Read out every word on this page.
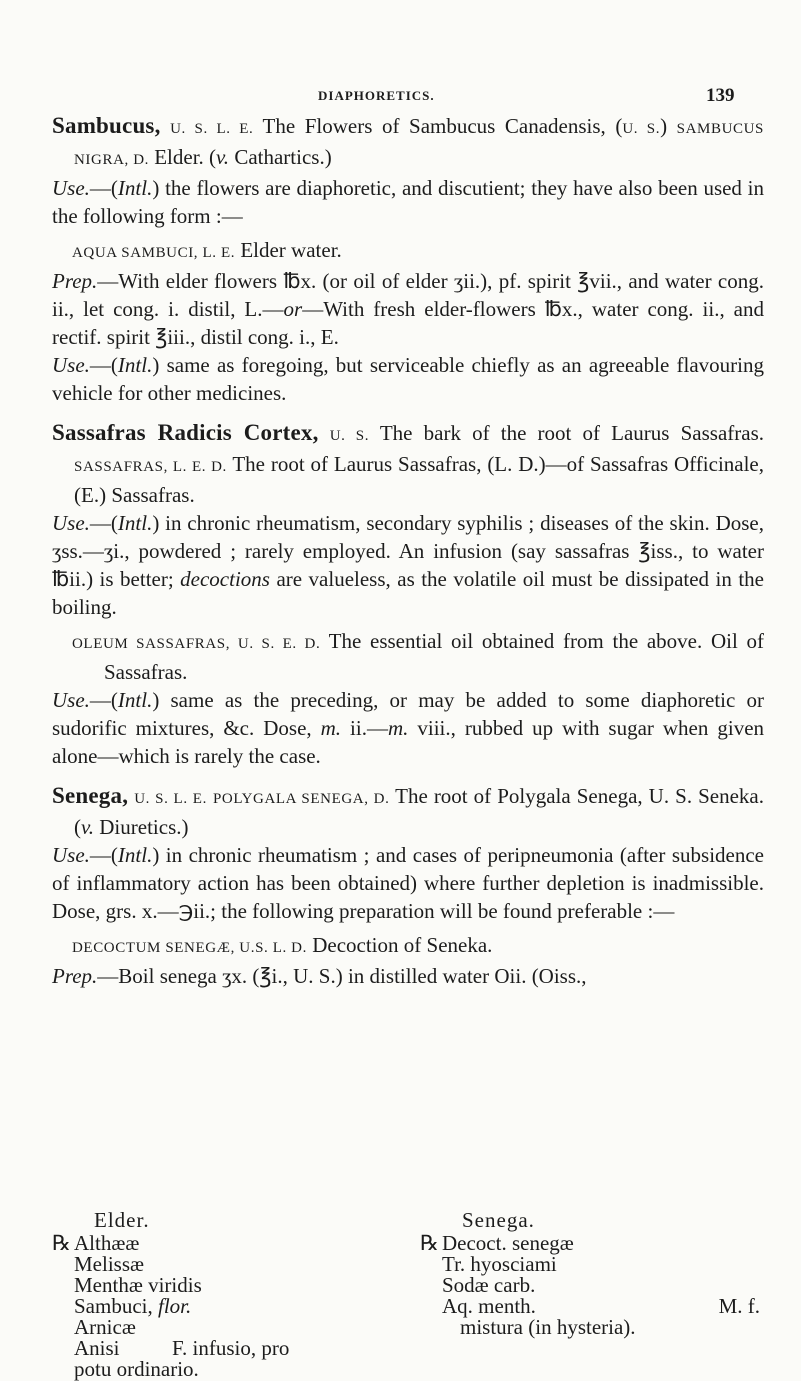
DIAPHORETICS.	139

Sambucus, U. S. L. E. The Flowers of Sambucus Canadensis, (U. S.) SAMBUCUS NIGRA, D. Elder. (v. Cathartics.)

Use.—(Intl.) the flowers are diaphoretic, and discutient; they have also been used in the following form :—

AQUA SAMBUCI, L. E. Elder water.

Prep.—With elder flowers ℔x. (or oil of elder ʒii.), pf. spirit ℥vii., and water cong. ii., let cong. i. distil, L.—or—With fresh elder-flowers ℔x., water cong. ii., and rectif. spirit ℥iii., distil cong. i., E.

Use.—(Intl.) same as foregoing, but serviceable chiefly as an agreeable flavouring vehicle for other medicines.

Sassafras Radicis Cortex, U. S. The bark of the root of Laurus Sassafras. SASSAFRAS, L. E. D. The root of Laurus Sassafras, (L. D.)—of Sassafras Officinale, (E.) Sassafras.

Use.—(Intl.) in chronic rheumatism, secondary syphilis ; diseases of the skin. Dose, ʒss.—ʒi., powdered ; rarely employed. An infusion (say sassafras ℥iss., to water ℔ii.) is better; decoctions are valueless, as the volatile oil must be dissipated in the boiling.

OLEUM SASSAFRAS, U. S. E. D. The essential oil obtained from the above. Oil of Sassafras.

Use.—(Intl.) same as the preceding, or may be added to some diaphoretic or sudorific mixtures, &c. Dose, m. ii.—m. viii., rubbed up with sugar when given alone—which is rarely the case.

Senega, U. S. L. E. POLYGALA SENEGA, D. The root of Polygala Senega, U. S. Seneka. (v. Diuretics.)

Use.—(Intl.) in chronic rheumatism ; and cases of peripneumonia (after subsidence of inflammatory action has been obtained) where further depletion is inadmissible. Dose, grs. x.—℈ii.; the following preparation will be found preferable :—

DECOCTUM SENEGÆ, U.S. L. D. Decoction of Seneka.

Prep.—Boil senega ʒx. (℥i., U. S.) in distilled water Oii. (Oiss.,

Elder.
℞ Althææ
Melissæ
Menthæ viridis
Sambuci, flor.
Arnicæ
Anisi          F. infusio, pro
potu ordinario.
Senega.
℞ Decoct. senegæ
Tr. hyosciami
Sodæ carb.
Aq. menth.	M. f.
mistura (in hysteria).
